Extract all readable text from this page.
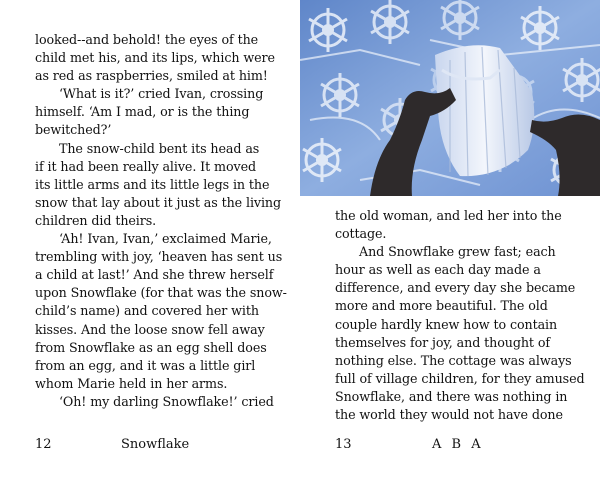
looked--and behold! the eyes of the
child met his, and its lips, which were
as red as raspberries, smiled at him!
‘What is it?’ cried Ivan, crossing
himself. ‘Am I mad, or is the thing
bewitched?’
The snow-child bent its head as
if it had been really alive. It moved
its little arms and its little legs in the
snow that lay about it just as the living
children did theirs.
‘Ah! Ivan, Ivan,’ exclaimed Marie,
trembling with joy, ‘heaven has sent us
a child at last!’ And she threw herself
upon Snowflake (for that was the snow-
child’s name) and covered her with
kisses. And the loose snow fell away
from Snowflake as an egg shell does
from an egg, and it was a little girl
whom Marie held in her arms.
‘Oh! my darling Snowflake!’ cried
12	Snowflake
the old woman, and led her into the
cottage.
And Snowflake grew fast; each
hour as well as each day made a
difference, and every day she became
more and more beautiful. The old
couple hardly knew how to contain
themselves for joy, and thought of
nothing else. The cottage was always
full of village children, for they amused
Snowflake, and there was nothing in
the world they would not have done
13	A B A
